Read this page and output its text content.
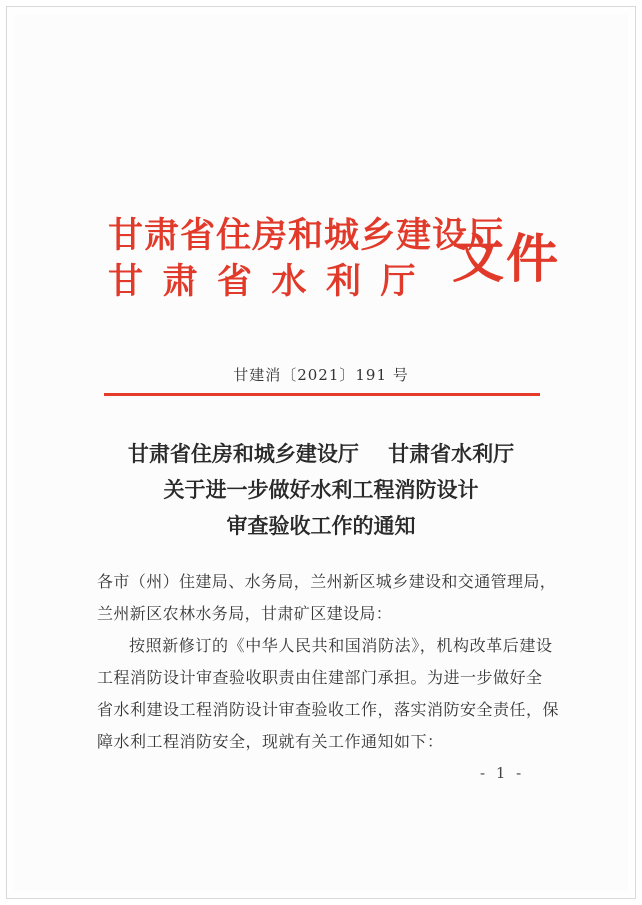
甘肃省住房和城乡建设厅
甘肃省水利厅 文件
甘建消〔2021〕191 号
甘肃省住房和城乡建设厅    甘肃省水利厅
关于进一步做好水利工程消防设计
审查验收工作的通知
各市（州）住建局、水务局，兰州新区城乡建设和交通管理局，
兰州新区农林水务局，甘肃矿区建设局：
按照新修订的《中华人民共和国消防法》，机构改革后建设
工程消防设计审查验收职责由住建部门承担。为进一步做好全
省水利建设工程消防设计审查验收工作，落实消防安全责任，保
障水利工程消防安全，现就有关工作通知如下：
- 1 -
